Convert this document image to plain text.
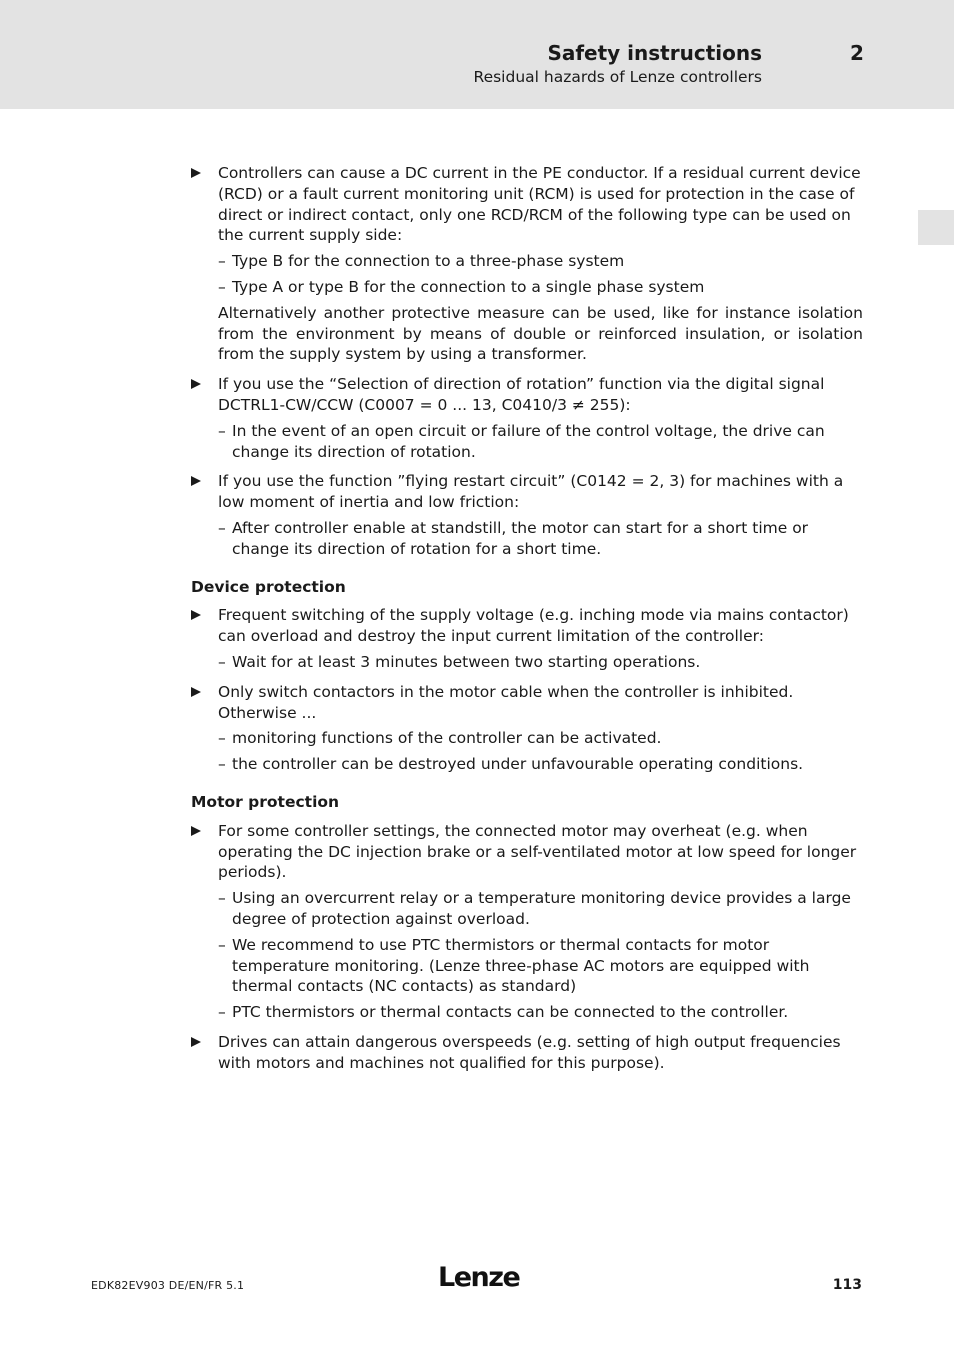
Safety instructions	2
Residual hazards of Lenze controllers

Controllers can cause a DC current in the PE conductor. If a residual current device (RCD) or a fault current monitoring unit (RCM) is used for protection in the case of direct or indirect contact, only one RCD/RCM of the following type can be used on the current supply side:

– Type B for the connection to a three-phase system
– Type A or type B for the connection to a single phase system

Alternatively another protective measure can be used, like for instance isolation from the environment by means of double or reinforced insulation, or isolation from the supply system by using a transformer.

If you use the “Selection of direction of rotation” function via the digital signal DCTRL1-CW/CCW (C0007 = 0 ... 13, C0410/3 ≠ 255):

– In the event of an open circuit or failure of the control voltage, the drive can change its direction of rotation.

If you use the function ”flying restart circuit” (C0142 = 2, 3) for machines with a low moment of inertia and low friction:

– After controller enable at standstill, the motor can start for a short time or change its direction of rotation for a short time.
Device protection

Frequent switching of the supply voltage (e.g. inching mode via mains contactor) can overload and destroy the input current limitation of the controller:

– Wait for at least 3 minutes between two starting operations.

Only switch contactors in the motor cable when the controller is inhibited. Otherwise ...

– monitoring functions of the controller can be activated.
– the controller can be destroyed under unfavourable operating conditions.
Motor protection

For some controller settings, the connected motor may overheat (e.g. when operating the DC injection brake or a self-ventilated motor at low speed for longer periods).

– Using an overcurrent relay or a temperature monitoring device provides a large degree of protection against overload.
– We recommend to use PTC thermistors or thermal contacts for motor temperature monitoring. (Lenze three-phase AC motors are equipped with thermal contacts (NC contacts) as standard)
– PTC thermistors or thermal contacts can be connected to the controller.

Drives can attain dangerous overspeeds (e.g. setting of high output frequencies with motors and machines not qualified for this purpose).

EDK82EV903 DE/EN/FR 5.1	Lenze	113
